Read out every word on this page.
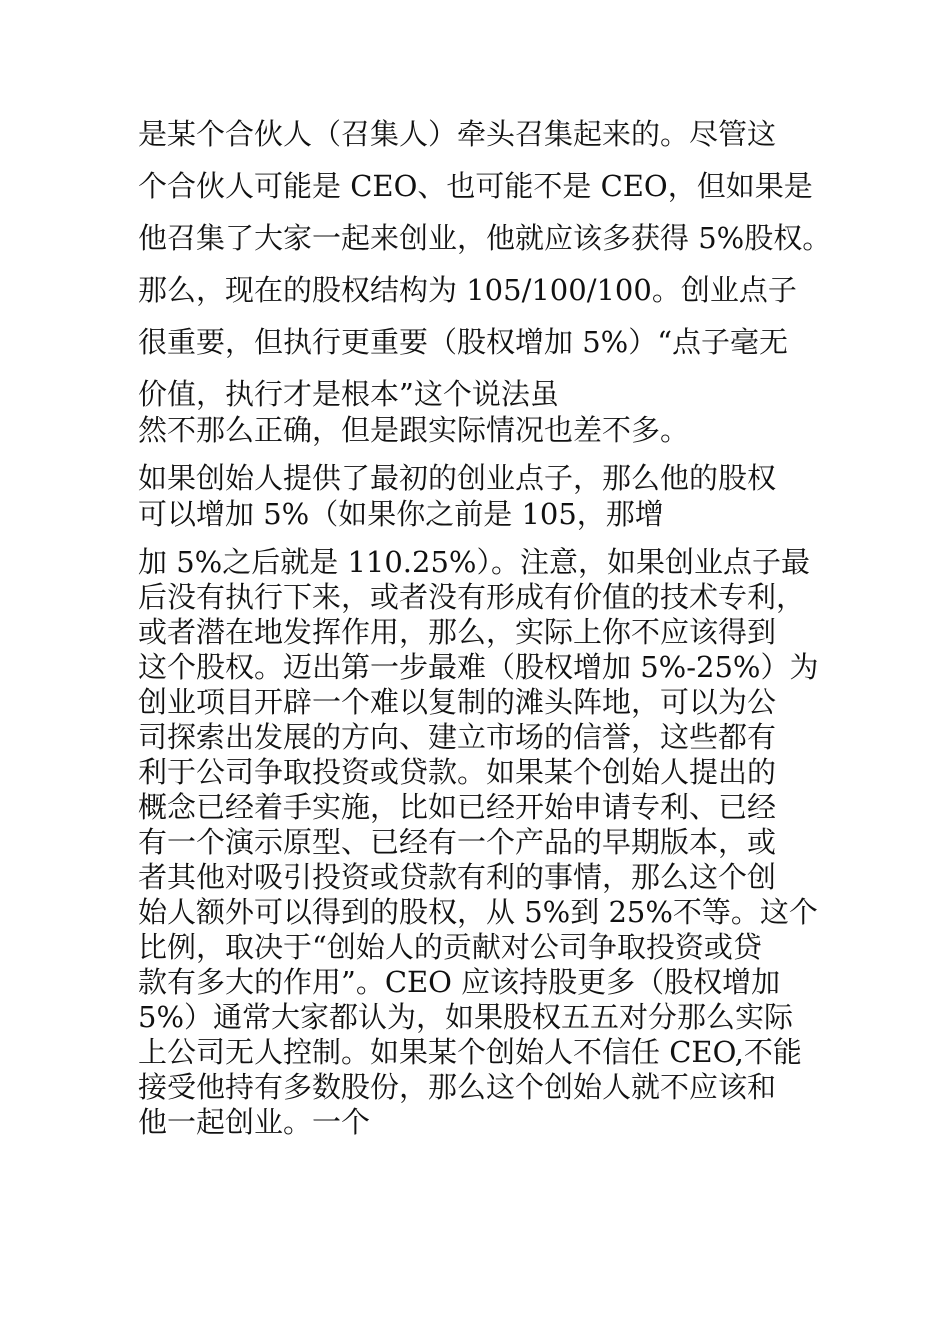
是某个合伙人（召集人）牵头召集起来的。尽管这
个合伙人可能是 CEO、也可能不是 CEO，但如果是
他召集了大家一起来创业，他就应该多获得 5%股权。
那么，现在的股权结构为 105/100/100。创业点子
很重要，但执行更重要（股权增加 5%）“点子毫无
价值，执行才是根本”这个说法虽
然不那么正确，但是跟实际情况也差不多。
如果创始人提供了最初的创业点子，那么他的股权
可以增加 5%（如果你之前是 105，那增
加 5%之后就是 110.25%）。注意，如果创业点子最
后没有执行下来，或者没有形成有价值的技术专利，
或者潜在地发挥作用，那么，实际上你不应该得到
这个股权。迈出第一步最难（股权增加 5%-25%）为
创业项目开辟一个难以复制的滩头阵地，可以为公
司探索出发展的方向、建立市场的信誉，这些都有
利于公司争取投资或贷款。如果某个创始人提出的
概念已经着手实施，比如已经开始申请专利、已经
有一个演示原型、已经有一个产品的早期版本，或
者其他对吸引投资或贷款有利的事情，那么这个创
始人额外可以得到的股权，从 5%到 25%不等。这个
比例，取决于“创始人的贡献对公司争取投资或贷
款有多大的作用”。CEO 应该持股更多（股权增加
5%）通常大家都认为，如果股权五五对分那么实际
上公司无人控制。如果某个创始人不信任 CEO,不能
接受他持有多数股份，那么这个创始人就不应该和
他一起创业。一个
